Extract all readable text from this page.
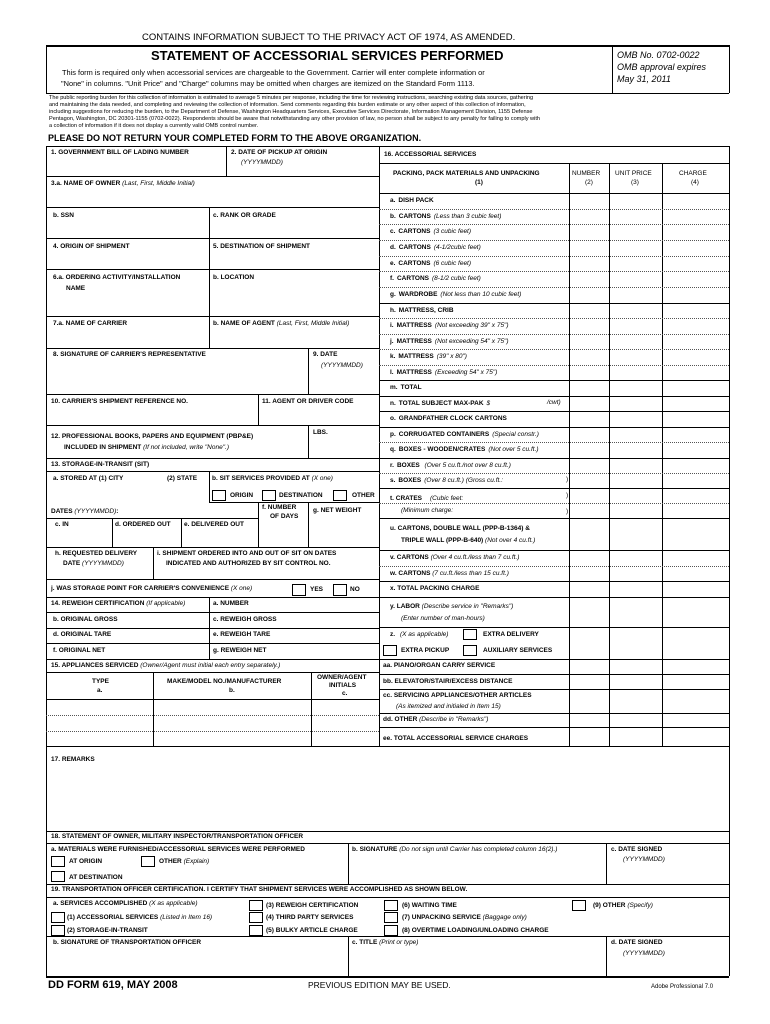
CONTAINS INFORMATION SUBJECT TO THE PRIVACY ACT OF 1974, AS AMENDED.
STATEMENT OF ACCESSORIAL SERVICES PERFORMED
This form is required only when accessorial services are chargeable to the Government. Carrier will enter complete information or
"None" in columns. "Unit Price" and "Charge" columns may be omitted when charges are itemized on the Standard Form 1113.
OMB No. 0702-0022
OMB approval expires
May 31, 2011
The public reporting burden for this collection of information is estimated to average 5 minutes per response, including the time for reviewing instructions, searching existing data sources, gathering
and maintaining the data needed, and completing and reviewing the collection of information. Send comments regarding this burden estimate or any other aspect of this collection of information,
including suggestions for reducing the burden, to the Department of Defense, Washington Headquarters Services, Executive Services Directorate, Information Management Division, 1155 Defense
Pentagon, Washington, DC 20301-1155 (0702-0022). Respondents should be aware that notwithstanding any other provision of law, no person shall be subject to any penalty for failing to comply with
a collection of information if it does not display a currently valid OMB control number.
PLEASE DO NOT RETURN YOUR COMPLETED FORM TO THE ABOVE ORGANIZATION.
1. GOVERNMENT BILL OF LADING NUMBER	2. DATE OF PICKUP AT ORIGIN
(YYYYMMDD)
3.a. NAME OF OWNER (Last, First, Middle Initial)
b. SSN	c. RANK OR GRADE
4. ORIGIN OF SHIPMENT	5. DESTINATION OF SHIPMENT
6.a. ORDERING ACTIVITY/INSTALLATION
NAME
b. LOCATION
7.a. NAME OF CARRIER	b. NAME OF AGENT (Last, First, Middle Initial)
8. SIGNATURE OF CARRIER'S REPRESENTATIVE	9. DATE
(YYYYMMDD)
10. CARRIER'S SHIPMENT REFERENCE NO.	11. AGENT OR DRIVER CODE
12. PROFESSIONAL BOOKS, PAPERS AND EQUIPMENT (PBP&E)
INCLUDED IN SHIPMENT (If not included, write "None".)
LBS.
13. STORAGE-IN-TRANSIT (SIT)
a. STORED AT (1) CITY	(2) STATE b. SIT SERVICES PROVIDED AT (X one)
ORIGIN	DESTINATION	OTHER
DATES (YYYYMMDD):
f. NUMBER
OF DAYS
g. NET WEIGHT
c. IN	d. ORDERED OUT e. DELIVERED OUT
h. REQUESTED DELIVERY
DATE (YYYYMMDD)
i. SHIPMENT ORDERED INTO AND OUT OF SIT ON DATES
INDICATED AND AUTHORIZED BY SIT CONTROL NO.
j. WAS STORAGE POINT FOR CARRIER'S CONVENIENCE (X one)	YES	NO
14. REWEIGH CERTIFICATION (If applicable)	a. NUMBER
b. ORIGINAL GROSS	c. REWEIGH GROSS
d. ORIGINAL TARE	e. REWEIGH TARE
f. ORIGINAL NET	g. REWEIGH NET
15. APPLIANCES SERVICED (Owner/Agent must initial each entry separately.)
TYPE
a.
MAKE/MODEL NO./MANUFACTURER
b.
OWNER/AGENT
INITIALS
c.
16. ACCESSORIAL SERVICES
PACKING, PACK MATERIALS AND UNPACKING
(1)
NUMBER
(2)
UNIT PRICE
(3)
CHARGE
(4)
a. DISH PACK
b. CARTONS (Less than 3 cubic feet)
c. CARTONS (3 cubic feet)
d. CARTONS (4-1/2cubic feet)
e. CARTONS (6 cubic feet)
f. CARTONS (8-1/2 cubic feet)
g. WARDROBE (Not less than 10 cubic feet)
h. MATTRESS, CRIB
i. MATTRESS (Not exceeding 39" x 75")
j. MATTRESS (Not exceeding 54" x 75")
k. MATTRESS (39" x 80")
l. MATTRESS (Exceeding 54" x 75")
m. TOTAL
n. TOTAL SUBJECT MAX-PAK $
o. GRANDFATHER CLOCK CARTONS
p. CORRUGATED CONTAINERS (Special constr.)
q. BOXES - WOODEN/CRATES (Not over 5 cu.ft.)
r. BOXES (Over 5 cu.ft./not over 8 cu.ft.)
s. BOXES (Over 8 cu.ft.) (Gross cu.ft.:
/cwt)
)
t. CRATES (Cubic feet:	)
(Minimum charge:	)
u. CARTONS, DOUBLE WALL (PPP-B-1364) &
TRIPLE WALL (PPP-B-640) (Not over 4 cu.ft.)
v. CARTONS (Over 4 cu.ft./less than 7 cu.ft.)
w. CARTONS (7 cu.ft./less than 15 cu.ft.)
x. TOTAL PACKING CHARGE
y. LABOR (Describe service in "Remarks")
(Enter number of man-hours)
z. (X as applicable)	EXTRA DELIVERY
EXTRA PICKUP	AUXILIARY SERVICES
aa. PIANO/ORGAN CARRY SERVICE
bb. ELEVATOR/STAIR/EXCESS DISTANCE
cc. SERVICING APPLIANCES/OTHER ARTICLES
(As itemized and initialed in Item 15)
dd. OTHER (Describe in "Remarks")
ee. TOTAL ACCESSORIAL SERVICE CHARGES
17. REMARKS
18. STATEMENT OF OWNER, MILITARY INSPECTOR/TRANSPORTATION OFFICER
a. MATERIALS WERE FURNISHED/ACCESSORIAL SERVICES WERE PERFORMED
AT ORIGIN	OTHER (Explain)
AT DESTINATION
b. SIGNATURE (Do not sign until Carrier has completed column 16(2).)	c. DATE SIGNED
(YYYYMMDD)
19. TRANSPORTATION OFFICER CERTIFICATION. I CERTIFY THAT SHIPMENT SERVICES WERE ACCOMPLISHED AS SHOWN BELOW.
a. SERVICES ACCOMPLISHED (X as applicable)
(1) ACCESSORIAL SERVICES (Listed in Item 16)
(2) STORAGE-IN-TRANSIT
(3) REWEIGH CERTIFICATION
(4) THIRD PARTY SERVICES
(5) BULKY ARTICLE CHARGE
(6) WAITING TIME
(7) UNPACKING SERVICE (Baggage only)
(8) OVERTIME LOADING/UNLOADING CHARGE
(9) OTHER (Specify)
b. SIGNATURE OF TRANSPORTATION OFFICER	c. TITLE (Print or type)	d. DATE SIGNED
(YYYYMMDD)
DD FORM 619, MAY 2008	PREVIOUS EDITION MAY BE USED.	Adobe Professional 7.0
